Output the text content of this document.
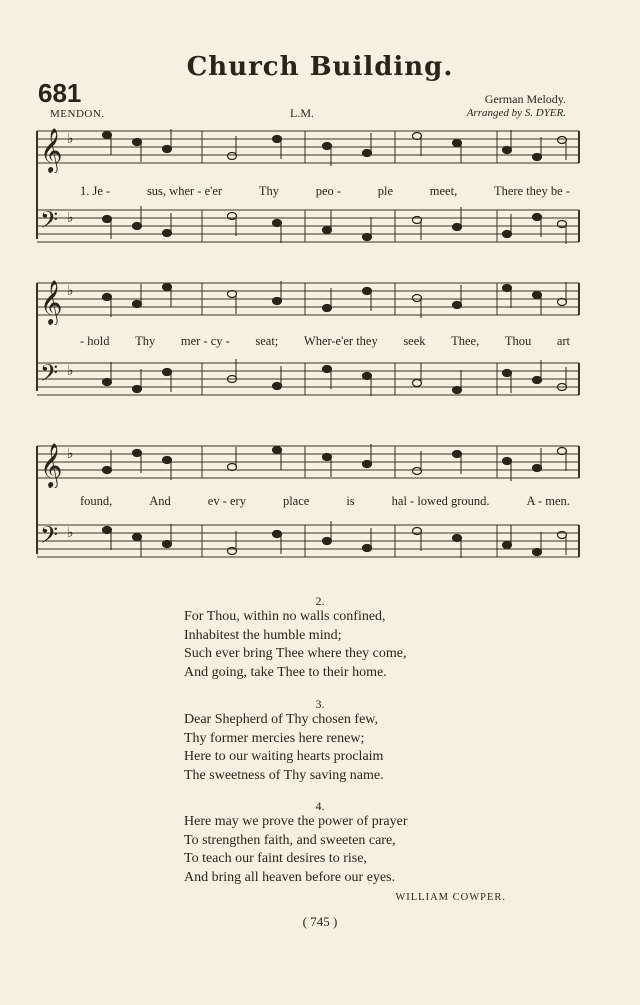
Church Building.
681
MENDON.	L.M.
German Melody.
Arranged by S. DYER.
𝄞 ♭
𝄢 ♭
𝄞 ♭
𝄢 ♭
𝄞 ♭
𝄢 ♭
1. Je -	sus, wher - e'er	Thy	peo -	ple	meet,	There they be -
- hold Thy mer - cy - seat; Wher-e'er they seek Thee, Thou art
found,	And	ev - ery	place	is	hal - lowed ground.	A - men.
2.
For Thou, within no walls confined,
Inhabitest the humble mind;
Such ever bring Thee where they come,
And going, take Thee to their home.
3.
Dear Shepherd of Thy chosen few,
Thy former mercies here renew;
Here to our waiting hearts proclaim
The sweetness of Thy saving name.
4.
Here may we prove the power of prayer
To strengthen faith, and sweeten care,
To teach our faint desires to rise,
And bring all heaven before our eyes.
WILLIAM COWPER.
( 745 )
